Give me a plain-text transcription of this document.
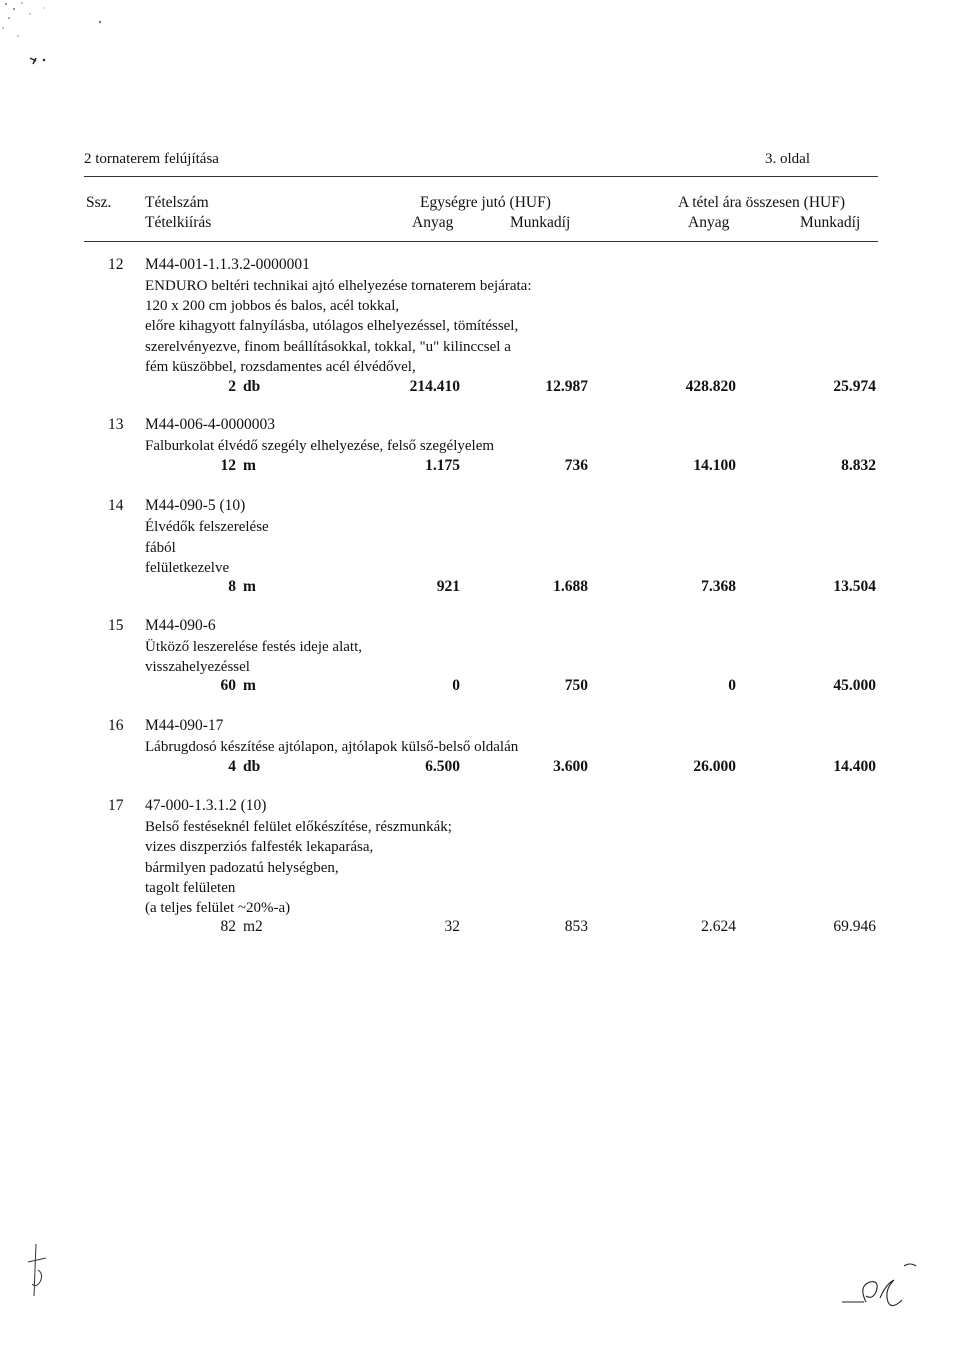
2 tornaterem felújítása	3. oldal
Ssz. Tételszám
Tételkiírás
Egységre jutó (HUF)	A tétel ára összesen (HUF)
Anyag	Munkadíj	Anyag	Munkadíj
12 M44-001-1.1.3.2-0000001
ENDURO beltéri technikai ajtó elhelyezése tornaterem bejárata:
120 x 200 cm jobbos és balos, acél tokkal,
előre kihagyott falnyílásba, utólagos elhelyezéssel, tömítéssel,
szerelvényezve, finom beállításokkal, tokkal, "u" kilinccsel a
fém küszöbbel, rozsdamentes acél élvédővel,
2 db	214.410	12.987	428.820	25.974
13 M44-006-4-0000003
Falburkolat élvédő szegély elhelyezése, felső szegélyelem
12 m	1.175	736	14.100	8.832
14 M44-090-5 (10)
Élvédők felszerelése
fából
felületkezelve
8 m	921	1.688	7.368	13.504
15 M44-090-6
Ütköző leszerelése festés ideje alatt,
visszahelyezéssel
60 m	0	750	0	45.000
16 M44-090-17
Lábrugdosó készítése ajtólapon, ajtólapok külső-belső oldalán
4 db	6.500	3.600	26.000	14.400
17 47-000-1.3.1.2 (10)
Belső festéseknél felület előkészítése, részmunkák;
vizes diszperziós falfesték lekaparása,
bármilyen padozatú helységben,
tagolt felületen
(a teljes felület ~20%-a)
82 m2	32	853	2.624	69.946
